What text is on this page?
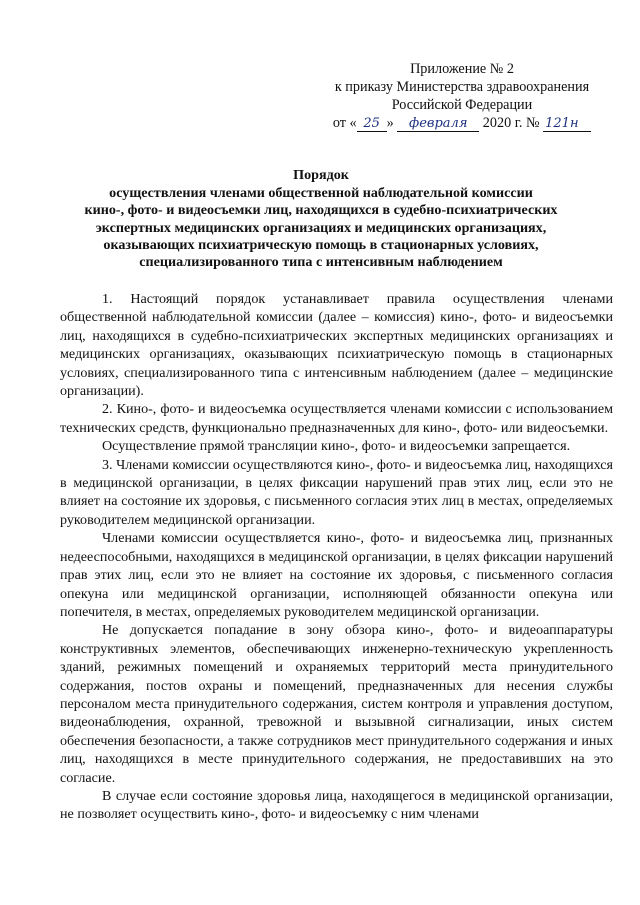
Приложение № 2
к приказу Министерства здравоохранения
Российской Федерации
от « 25 » февраля 2020 г. № 121н
Порядок
осуществления членами общественной наблюдательной комиссии
кино-, фото- и видеосъемки лиц, находящихся в судебно-психиатрических
экспертных медицинских организациях и медицинских организациях,
оказывающих психиатрическую помощь в стационарных условиях,
специализированного типа с интенсивным наблюдением

1. Настоящий порядок устанавливает правила осуществления членами общественной наблюдательной комиссии (далее – комиссия) кино-, фото- и видеосъемки лиц, находящихся в судебно-психиатрических экспертных медицинских организациях и медицинских организациях, оказывающих психиатрическую помощь в стационарных условиях, специализированного типа с интенсивным наблюдением (далее – медицинские организации).

2. Кино-, фото- и видеосъемка осуществляется членами комиссии с использованием технических средств, функционально предназначенных для кино-, фото- или видеосъемки.

Осуществление прямой трансляции кино-, фото- и видеосъемки запрещается.

3. Членами комиссии осуществляются кино-, фото- и видеосъемка лиц, находящихся в медицинской организации, в целях фиксации нарушений прав этих лиц, если это не влияет на состояние их здоровья, с письменного согласия этих лиц в местах, определяемых руководителем медицинской организации.

Членами комиссии осуществляется кино-, фото- и видеосъемка лиц, признанных недееспособными, находящихся в медицинской организации, в целях фиксации нарушений прав этих лиц, если это не влияет на состояние их здоровья, с письменного согласия опекуна или медицинской организации, исполняющей обязанности опекуна или попечителя, в местах, определяемых руководителем медицинской организации.

Не допускается попадание в зону обзора кино-, фото- и видеоаппаратуры конструктивных элементов, обеспечивающих инженерно-техническую укрепленность зданий, режимных помещений и охраняемых территорий места принудительного содержания, постов охраны и помещений, предназначенных для несения службы персоналом места принудительного содержания, систем контроля и управления доступом, видеонаблюдения, охранной, тревожной и вызывной сигнализации, иных систем обеспечения безопасности, а также сотрудников мест принудительного содержания и иных лиц, находящихся в месте принудительного содержания, не предоставивших на это согласие.

В случае если состояние здоровья лица, находящегося в медицинской организации, не позволяет осуществить кино-, фото- и видеосъемку с ним членами
